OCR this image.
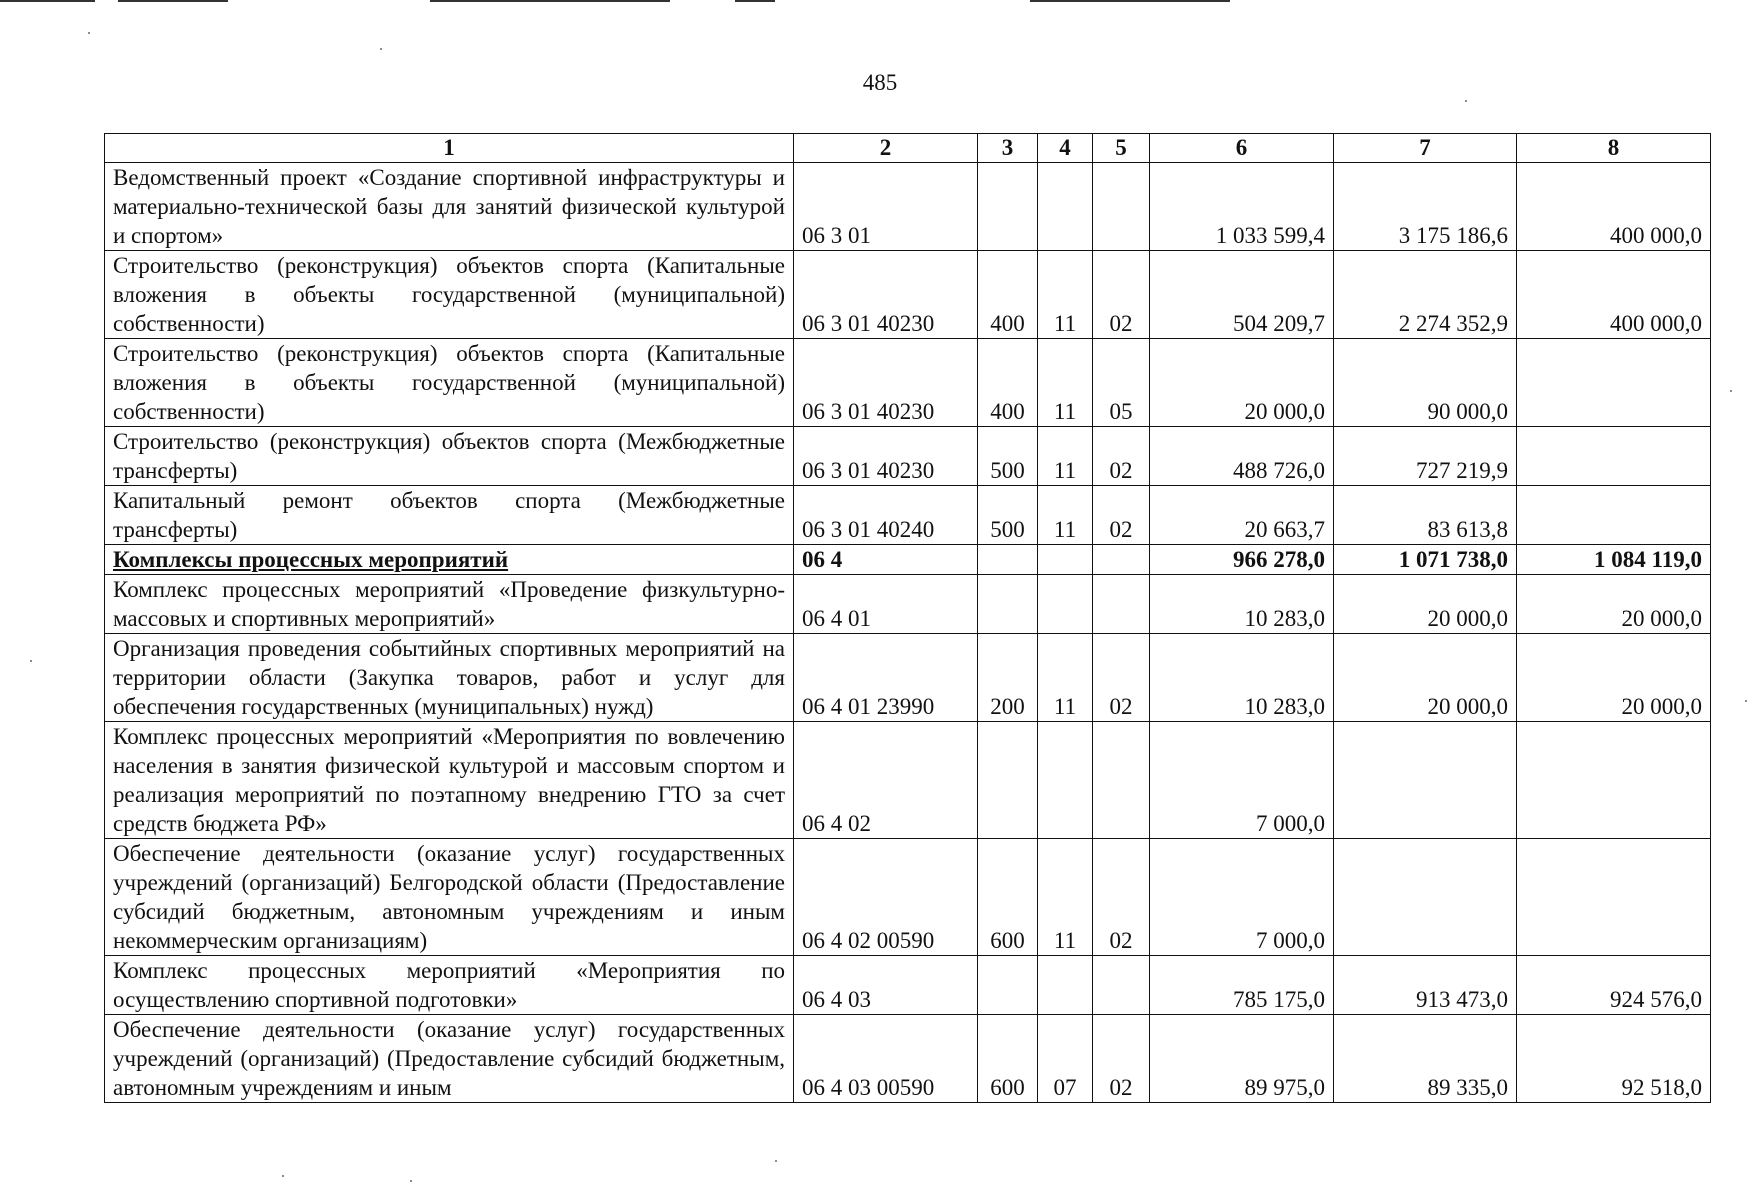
485
1	2	3	4	5	6	7	8
Ведомственный проект «Создание спортивной инфраструктуры и материально-технической базы для занятий физической культурой и спортом»	06 3 01				1 033 599,4	3 175 186,6	400 000,0
Строительство (реконструкция) объектов спорта (Капитальные вложения в объекты государственной (муниципальной) собственности)	06 3 01 40230	400	11	02	504 209,7	2 274 352,9	400 000,0
Строительство (реконструкция) объектов спорта (Капитальные вложения в объекты государственной (муниципальной) собственности)	06 3 01 40230	400	11	05	20 000,0	90 000,0	
Строительство (реконструкция) объектов спорта (Межбюджетные трансферты)	06 3 01 40230	500	11	02	488 726,0	727 219,9	
Капитальный ремонт объектов спорта (Межбюджетные трансферты)	06 3 01 40240	500	11	02	20 663,7	83 613,8	
Комплексы процессных мероприятий	06 4				966 278,0	1 071 738,0	1 084 119,0
Комплекс процессных мероприятий «Проведение физкультурно-массовых и спортивных мероприятий»	06 4 01				10 283,0	20 000,0	20 000,0
Организация проведения событийных спортивных мероприятий на территории области (Закупка товаров, работ и услуг для обеспечения государственных (муниципальных) нужд)	06 4 01 23990	200	11	02	10 283,0	20 000,0	20 000,0
Комплекс процессных мероприятий «Мероприятия по вовлечению населения в занятия физической культурой и массовым спортом и реализация мероприятий по поэтапному внедрению ГТО за счет средств бюджета РФ»	06 4 02				7 000,0		
Обеспечение деятельности (оказание услуг) государственных учреждений (организаций) Белгородской области (Предоставление субсидий бюджетным, автономным учреждениям и иным некоммерческим организациям)	06 4 02 00590	600	11	02	7 000,0		
Комплекс процессных мероприятий «Мероприятия по осуществлению спортивной подготовки»	06 4 03				785 175,0	913 473,0	924 576,0
Обеспечение деятельности (оказание услуг) государственных учреждений (организаций) (Предоставление субсидий бюджетным, автономным учреждениям и иным	06 4 03 00590	600	07	02	89 975,0	89 335,0	92 518,0
